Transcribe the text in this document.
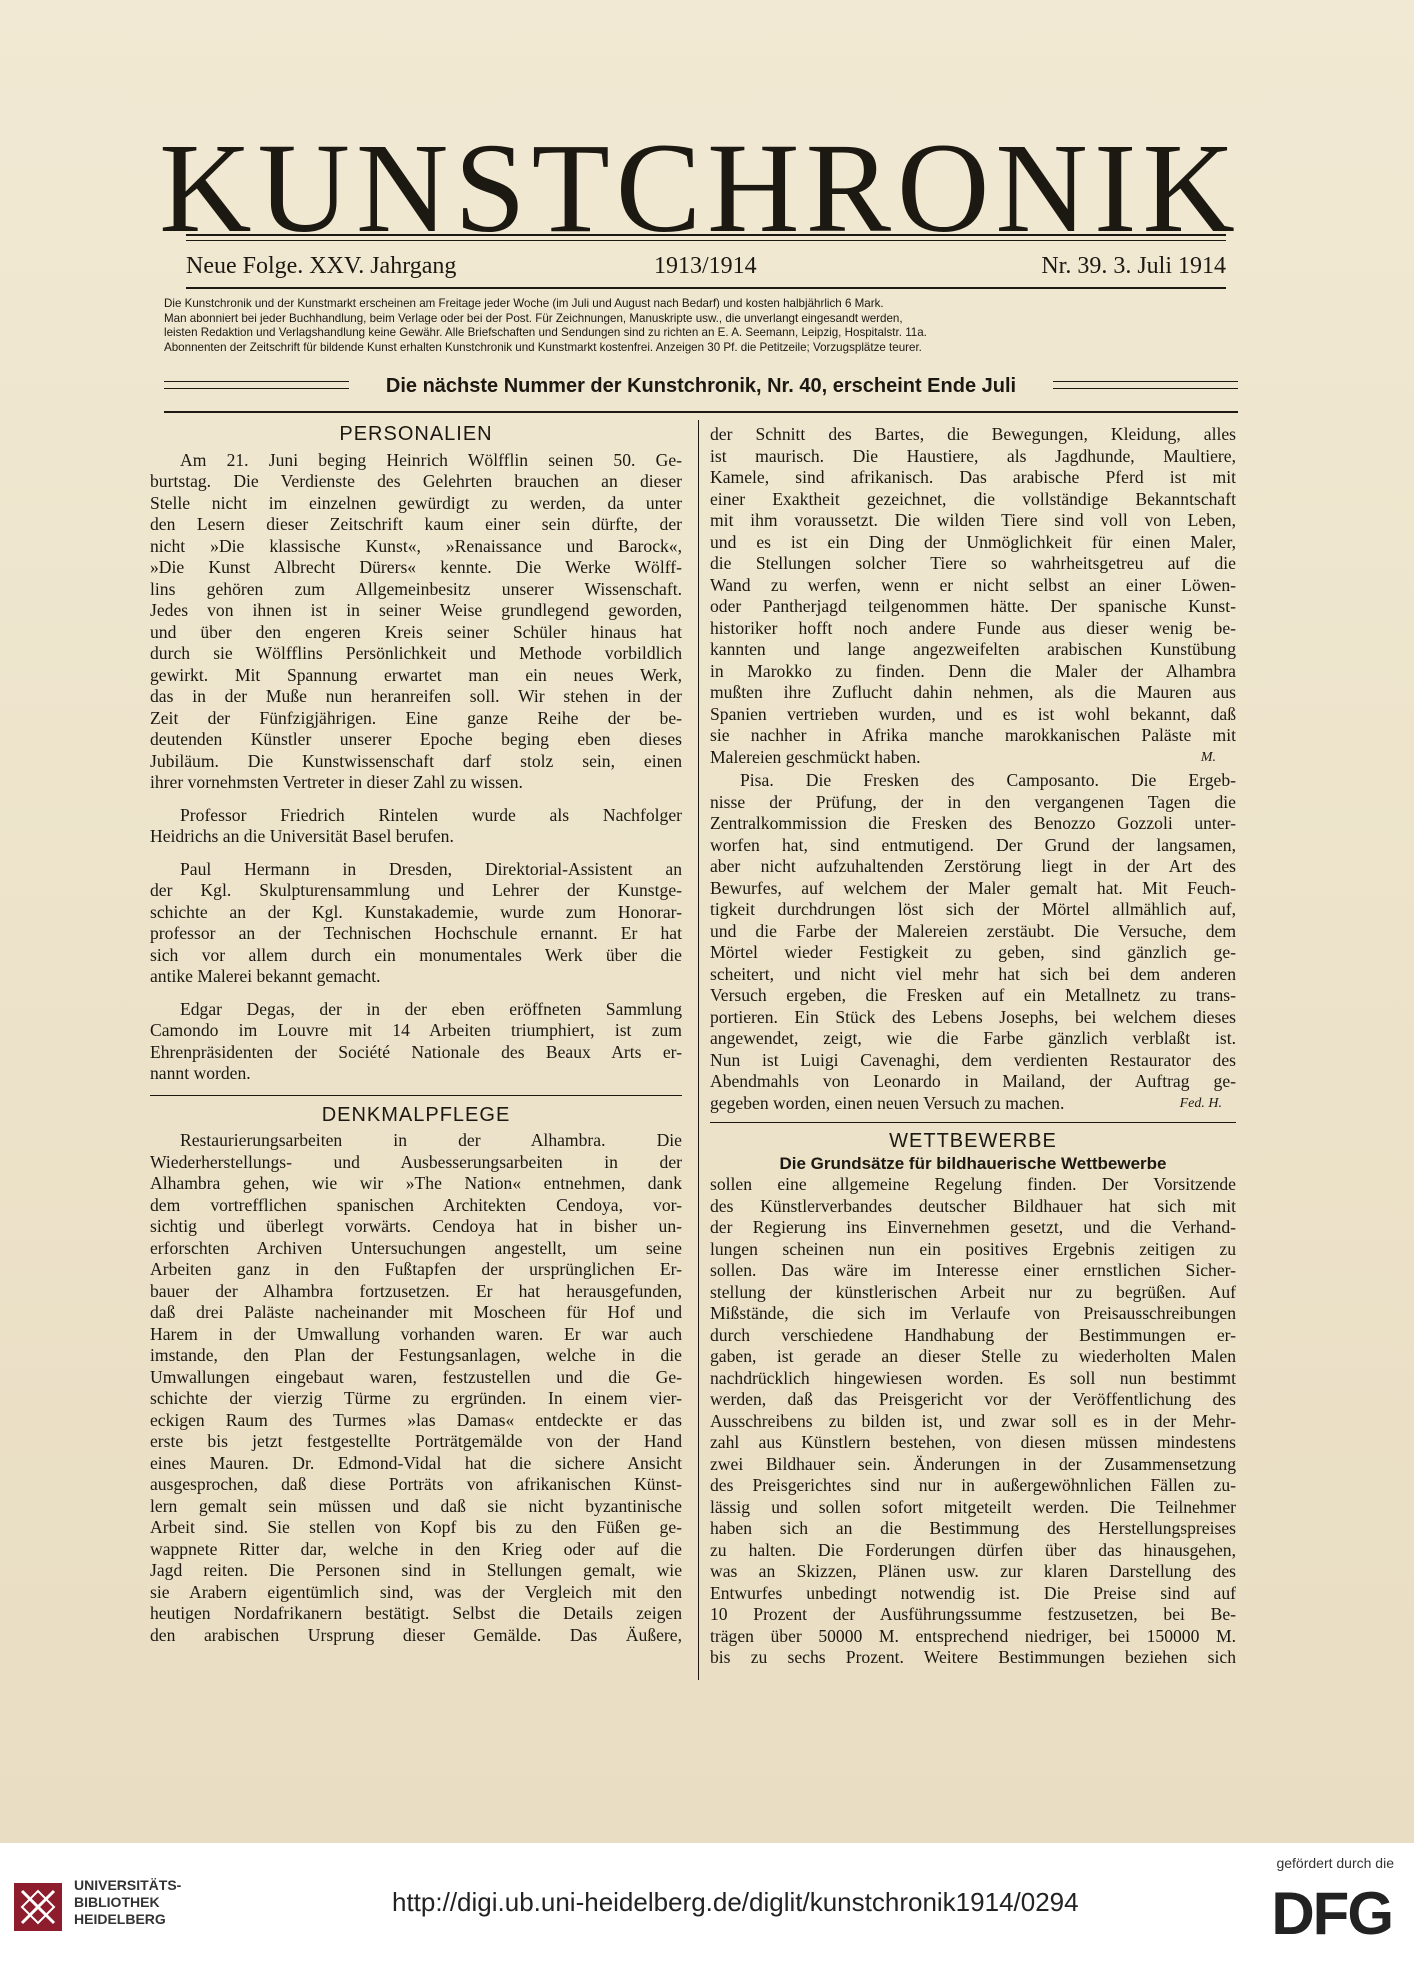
KUNSTCHRONIK
Neue Folge. XXV. Jahrgang	1913/1914	Nr. 39. 3. Juli 1914
Die Kunstchronik und der Kunstmarkt erscheinen am Freitage jeder Woche (im Juli und August nach Bedarf) und kosten halbjährlich 6 Mark.
Man abonniert bei jeder Buchhandlung, beim Verlage oder bei der Post. Für Zeichnungen, Manuskripte usw., die unverlangt eingesandt werden,
leisten Redaktion und Verlagshandlung keine Gewähr. Alle Briefschaften und Sendungen sind zu richten an E. A. Seemann, Leipzig, Hospitalstr. 11a.
Abonnenten der Zeitschrift für bildende Kunst erhalten Kunstchronik und Kunstmarkt kostenfrei. Anzeigen 30 Pf. die Petitzeile; Vorzugsplätze teurer.
Die nächste Nummer der Kunstchronik, Nr. 40, erscheint Ende Juli
PERSONALIEN
Am 21. Juni beging Heinrich Wölfflin seinen 50. Ge-
burtstag. Die Verdienste des Gelehrten brauchen an dieser
Stelle nicht im einzelnen gewürdigt zu werden, da unter
den Lesern dieser Zeitschrift kaum einer sein dürfte, der
nicht »Die klassische Kunst«, »Renaissance und Barock«,
»Die Kunst Albrecht Dürers« kennte. Die Werke Wölff-
lins gehören zum Allgemeinbesitz unserer Wissenschaft.
Jedes von ihnen ist in seiner Weise grundlegend geworden,
und über den engeren Kreis seiner Schüler hinaus hat
durch sie Wölfflins Persönlichkeit und Methode vorbildlich
gewirkt. Mit Spannung erwartet man ein neues Werk,
das in der Muße nun heranreifen soll. Wir stehen in der
Zeit der Fünfzigjährigen. Eine ganze Reihe der be-
deutenden Künstler unserer Epoche beging eben dieses
Jubiläum. Die Kunstwissenschaft darf stolz sein, einen
ihrer vornehmsten Vertreter in dieser Zahl zu wissen.
Professor Friedrich Rintelen wurde als Nachfolger
Heidrichs an die Universität Basel berufen.
Paul Hermann in Dresden, Direktorial-Assistent an
der Kgl. Skulpturensammlung und Lehrer der Kunstge-
schichte an der Kgl. Kunstakademie, wurde zum Honorar-
professor an der Technischen Hochschule ernannt. Er hat
sich vor allem durch ein monumentales Werk über die
antike Malerei bekannt gemacht.
Edgar Degas, der in der eben eröffneten Sammlung
Camondo im Louvre mit 14 Arbeiten triumphiert, ist zum
Ehrenpräsidenten der Société Nationale des Beaux Arts er-
nannt worden.
DENKMALPFLEGE
Restaurierungsarbeiten in der Alhambra. Die
Wiederherstellungs- und Ausbesserungsarbeiten in der
Alhambra gehen, wie wir »The Nation« entnehmen, dank
dem vortrefflichen spanischen Architekten Cendoya, vor-
sichtig und überlegt vorwärts. Cendoya hat in bisher un-
erforschten Archiven Untersuchungen angestellt, um seine
Arbeiten ganz in den Fußtapfen der ursprünglichen Er-
bauer der Alhambra fortzusetzen. Er hat herausgefunden,
daß drei Paläste nacheinander mit Moscheen für Hof und
Harem in der Umwallung vorhanden waren. Er war auch
imstande, den Plan der Festungsanlagen, welche in die
Umwallungen eingebaut waren, festzustellen und die Ge-
schichte der vierzig Türme zu ergründen. In einem vier-
eckigen Raum des Turmes »las Damas« entdeckte er das
erste bis jetzt festgestellte Porträtgemälde von der Hand
eines Mauren. Dr. Edmond-Vidal hat die sichere Ansicht
ausgesprochen, daß diese Porträts von afrikanischen Künst-
lern gemalt sein müssen und daß sie nicht byzantinische
Arbeit sind. Sie stellen von Kopf bis zu den Füßen ge-
wappnete Ritter dar, welche in den Krieg oder auf die
Jagd reiten. Die Personen sind in Stellungen gemalt, wie
sie Arabern eigentümlich sind, was der Vergleich mit den
heutigen Nordafrikanern bestätigt. Selbst die Details zeigen
den arabischen Ursprung dieser Gemälde. Das Äußere,
der Schnitt des Bartes, die Bewegungen, Kleidung, alles
ist maurisch. Die Haustiere, als Jagdhunde, Maultiere,
Kamele, sind afrikanisch. Das arabische Pferd ist mit
einer Exaktheit gezeichnet, die vollständige Bekanntschaft
mit ihm voraussetzt. Die wilden Tiere sind voll von Leben,
und es ist ein Ding der Unmöglichkeit für einen Maler,
die Stellungen solcher Tiere so wahrheitsgetreu auf die
Wand zu werfen, wenn er nicht selbst an einer Löwen-
oder Pantherjagd teilgenommen hätte. Der spanische Kunst-
historiker hofft noch andere Funde aus dieser wenig be-
kannten und lange angezweifelten arabischen Kunstübung
in Marokko zu finden. Denn die Maler der Alhambra
mußten ihre Zuflucht dahin nehmen, als die Mauren aus
Spanien vertrieben wurden, und es ist wohl bekannt, daß
sie nachher in Afrika manche marokkanischen Paläste mit
M.
Malereien geschmückt haben.
Pisa. Die Fresken des Camposanto. Die Ergeb-
nisse der Prüfung, der in den vergangenen Tagen die
Zentralkommission die Fresken des Benozzo Gozzoli unter-
worfen hat, sind entmutigend. Der Grund der langsamen,
aber nicht aufzuhaltenden Zerstörung liegt in der Art des
Bewurfes, auf welchem der Maler gemalt hat. Mit Feuch-
tigkeit durchdrungen löst sich der Mörtel allmählich auf,
und die Farbe der Malereien zerstäubt. Die Versuche, dem
Mörtel wieder Festigkeit zu geben, sind gänzlich ge-
scheitert, und nicht viel mehr hat sich bei dem anderen
Versuch ergeben, die Fresken auf ein Metallnetz zu trans-
portieren. Ein Stück des Lebens Josephs, bei welchem dieses
angewendet, zeigt, wie die Farbe gänzlich verblaßt ist.
Nun ist Luigi Cavenaghi, dem verdienten Restaurator des
Abendmahls von Leonardo in Mailand, der Auftrag ge-
Fed. H.
gegeben worden, einen neuen Versuch zu machen.
WETTBEWERBE
Die Grundsätze für bildhauerische Wettbewerbe
sollen eine allgemeine Regelung finden. Der Vorsitzende
des Künstlerverbandes deutscher Bildhauer hat sich mit
der Regierung ins Einvernehmen gesetzt, und die Verhand-
lungen scheinen nun ein positives Ergebnis zeitigen zu
sollen. Das wäre im Interesse einer ernstlichen Sicher-
stellung der künstlerischen Arbeit nur zu begrüßen. Auf
Mißstände, die sich im Verlaufe von Preisausschreibungen
durch verschiedene Handhabung der Bestimmungen er-
gaben, ist gerade an dieser Stelle zu wiederholten Malen
nachdrücklich hingewiesen worden. Es soll nun bestimmt
werden, daß das Preisgericht vor der Veröffentlichung des
Ausschreibens zu bilden ist, und zwar soll es in der Mehr-
zahl aus Künstlern bestehen, von diesen müssen mindestens
zwei Bildhauer sein. Änderungen in der Zusammensetzung
des Preisgerichtes sind nur in außergewöhnlichen Fällen zu-
lässig und sollen sofort mitgeteilt werden. Die Teilnehmer
haben sich an die Bestimmung des Herstellungspreises
zu halten. Die Forderungen dürfen über das hinausgehen,
was an Skizzen, Plänen usw. zur klaren Darstellung des
Entwurfes unbedingt notwendig ist. Die Preise sind auf
10 Prozent der Ausführungssumme festzusetzen, bei Be-
trägen über 50000 M. entsprechend niedriger, bei 150000 M.
bis zu sechs Prozent. Weitere Bestimmungen beziehen sich
UNIVERSITÄTS-
BIBLIOTHEK
HEIDELBERG
http://digi.ub.uni-heidelberg.de/diglit/kunstchronik1914/0294
gefördert durch die
DFG
